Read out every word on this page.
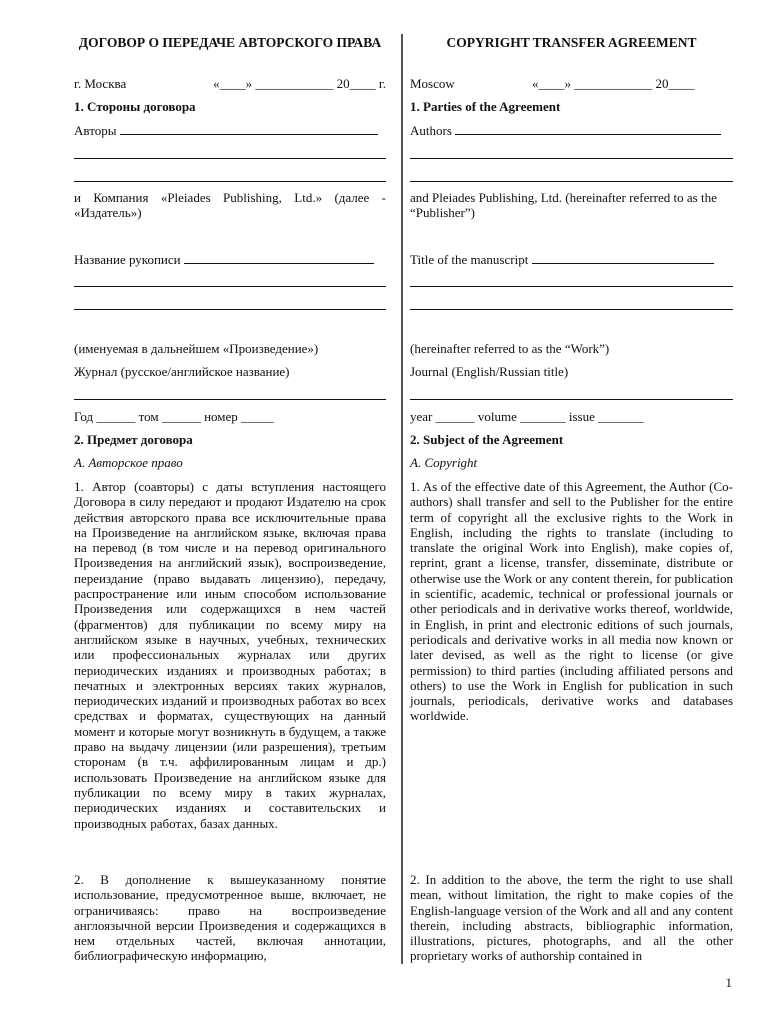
ДОГОВОР О ПЕРЕДАЧЕ АВТОРСКОГО ПРАВА
г. Москва	«____» ____________ 20____ г.
1. Стороны договора
Авторы
и Компания «Pleiades Publishing, Ltd.» (далее - «Издатель»)
Название рукописи
(именуемая в дальнейшем «Произведение»)
Журнал (русское/английское название)
Год ______ том ______ номер _____
2. Предмет договора
А. Авторское право
1. Автор (соавторы) с даты вступления настоящего Договора в силу передают и продают Издателю на срок действия авторского права все исключительные права на Произведение на английском языке, включая права на перевод (в том числе и на перевод оригинального Произведения на английский язык), воспроизведение, переиздание (право выдавать лицензию), передачу, распространение или иным способом использование Произведения или содержащихся в нем частей (фрагментов) для публикации по всему миру на английском языке в научных, учебных, технических или профессиональных журналах или других периодических изданиях и производных работах; в печатных и электронных версиях таких журналов, периодических изданий и производных работах во всех средствах и форматах, существующих на данный момент и которые могут возникнуть в будущем, а также право на выдачу лицензии (или разрешения), третьим сторонам (в т.ч. аффилированным лицам и др.) использовать Произведение на английском языке для публикации по всему миру в таких журналах, периодических изданиях и составительских и производных работах, базах данных.
2. В дополнение к вышеуказанному понятие использование, предусмотренное выше, включает, не ограничиваясь: право на воспроизведение англоязычной версии Произведения и содержащихся в нем отдельных частей, включая аннотации, библиографическую информацию,
COPYRIGHT TRANSFER AGREEMENT
Moscow	«____» ____________ 20____
1. Parties of the Agreement
Authors
and Pleiades Publishing, Ltd. (hereinafter referred to as the “Publisher”)
Title of the manuscript
(hereinafter referred to as the “Work”)
Journal (English/Russian title)
year ______ volume _______ issue _______
2. Subject of the Agreement
A. Copyright
1. As of the effective date of this Agreement, the Author (Co-authors) shall transfer and sell to the Publisher for the entire term of copyright all the exclusive rights to the Work in English, including the rights to translate (including to translate the original Work into English), make copies of, reprint, grant a license, transfer, disseminate, distribute or otherwise use the Work or any content therein, for publication in scientific, academic, technical or professional journals or other periodicals and in derivative works thereof, worldwide, in English, in print and electronic editions of such journals, periodicals and derivative works in all media now known or later devised, as well as the right to license (or give permission) to third parties (including affiliated persons and others) to use the Work in English for publication in such journals, periodicals, derivative works and databases worldwide.
2. In addition to the above, the term the right to use shall mean, without limitation, the right to make copies of the English-language version of the Work and all and any content therein, including abstracts, bibliographic information, illustrations, pictures, photographs, and all the other proprietary works of authorship contained in
1
